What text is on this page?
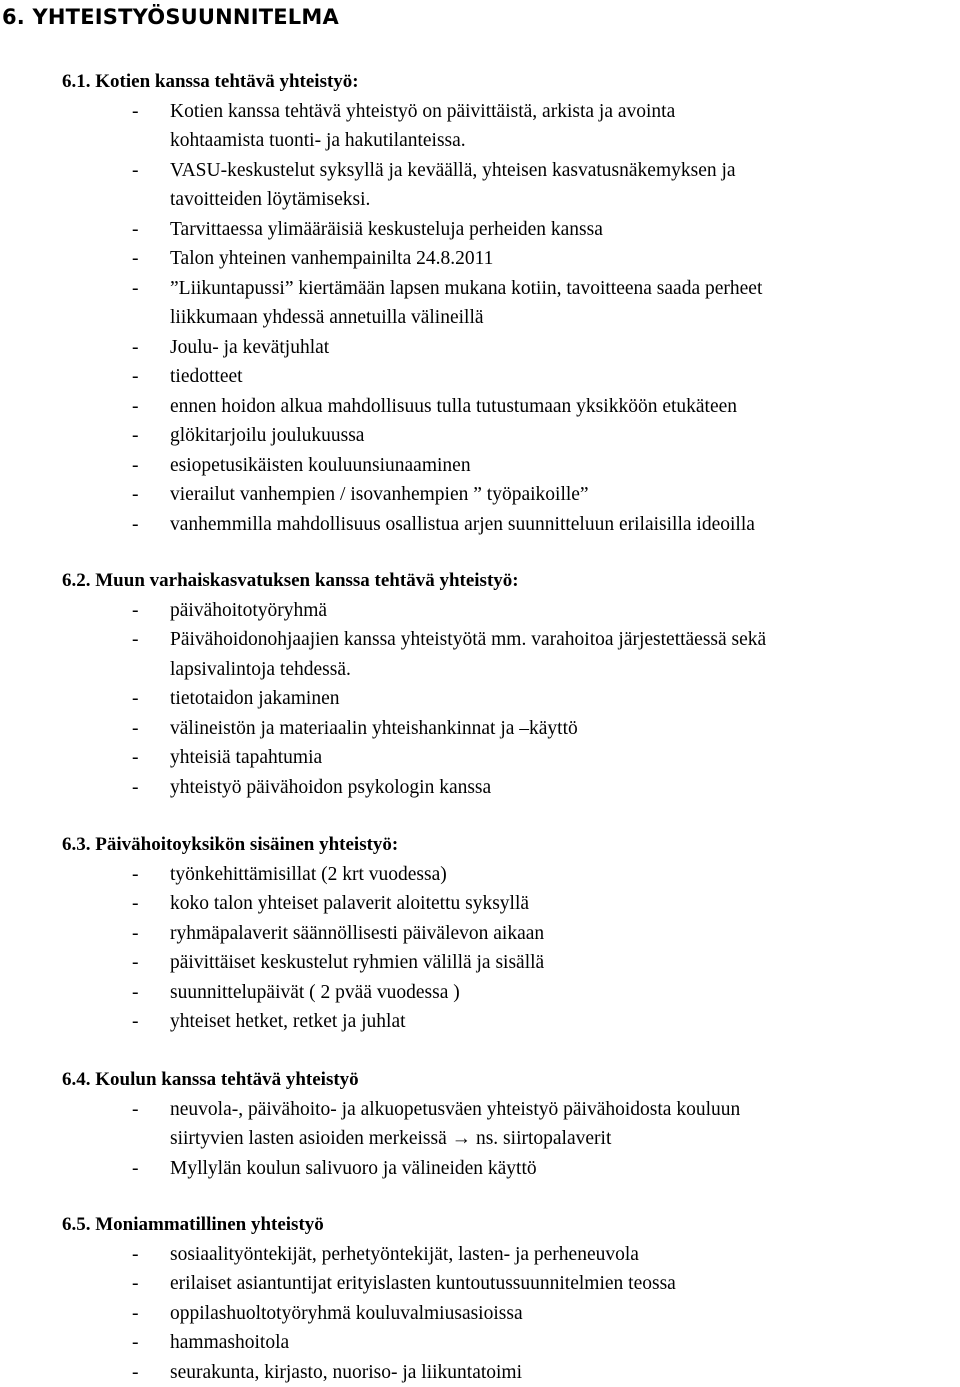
6. YHTEISTYÖSUUNNITELMA
6.1. Kotien kanssa tehtävä yhteistyö:
- Kotien kanssa tehtävä yhteistyö on päivittäistä, arkista ja avointa
kohtaamista tuonti- ja hakutilanteissa.
- VASU-keskustelut syksyllä ja keväällä, yhteisen kasvatusnäkemyksen ja
tavoitteiden löytämiseksi.
- Tarvittaessa ylimääräisiä keskusteluja perheiden kanssa
- Talon yhteinen vanhempainilta 24.8.2011
- ”Liikuntapussi” kiertämään lapsen mukana kotiin, tavoitteena saada perheet
liikkumaan yhdessä annetuilla välineillä
- Joulu- ja kevätjuhlat
- tiedotteet
- ennen hoidon alkua mahdollisuus tulla tutustumaan yksikköön etukäteen
- glökitarjoilu joulukuussa
- esiopetusikäisten kouluunsiunaaminen
- vierailut vanhempien / isovanhempien ” työpaikoille”
- vanhemmilla mahdollisuus osallistua arjen suunnitteluun erilaisilla ideoilla
6.2. Muun varhaiskasvatuksen kanssa tehtävä yhteistyö:
- päivähoitotyöryhmä
- Päivähoidonohjaajien kanssa yhteistyötä mm. varahoitoa järjestettäessä sekä
lapsivalintoja tehdessä.
- tietotaidon jakaminen
- välineistön ja materiaalin yhteishankinnat ja –käyttö
- yhteisiä tapahtumia
- yhteistyö päivähoidon psykologin kanssa
6.3. Päivähoitoyksikön sisäinen yhteistyö:
- työnkehittämisillat (2 krt vuodessa)
- koko talon yhteiset palaverit aloitettu syksyllä
- ryhmäpalaverit säännöllisesti päivälevon aikaan
- päivittäiset keskustelut ryhmien välillä ja sisällä
- suunnittelupäivät ( 2 pvää vuodessa )
- yhteiset hetket, retket ja juhlat
6.4. Koulun kanssa tehtävä yhteistyö
- neuvola-, päivähoito- ja alkuopetusväen yhteistyö päivähoidosta kouluun
siirtyvien lasten asioiden merkeissä → ns. siirtopalaverit
- Myllylän koulun salivuoro ja välineiden käyttö
6.5. Moniammatillinen yhteistyö
- sosiaalityöntekijät, perhetyöntekijät, lasten- ja perheneuvola
- erilaiset asiantuntijat erityislasten kuntoutussuunnitelmien teossa
- oppilashuoltotyöryhmä kouluvalmiusasioissa
- hammashoitola
- seurakunta, kirjasto, nuoriso- ja liikuntatoimi
